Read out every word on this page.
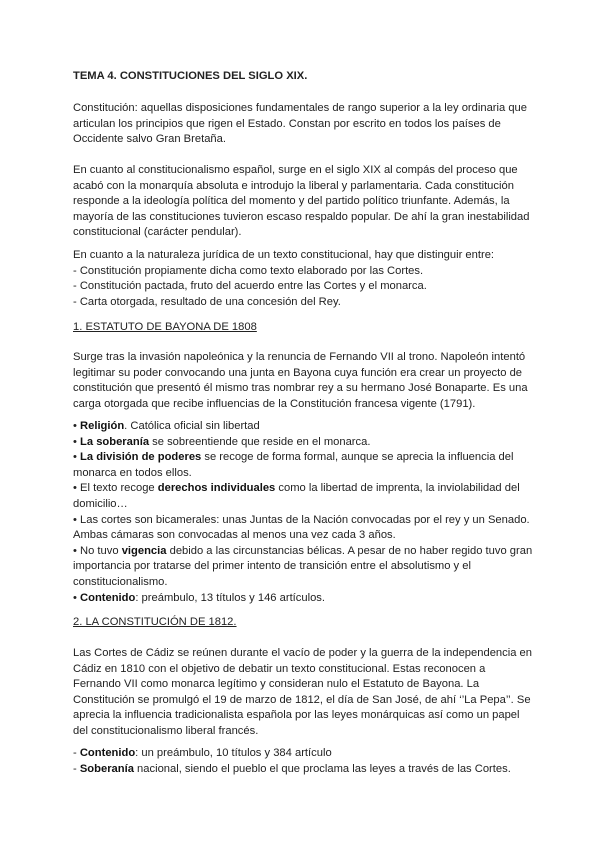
TEMA 4. CONSTITUCIONES DEL SIGLO XIX.

Constitución: aquellas disposiciones fundamentales de rango superior a la ley ordinaria que articulan los principios que rigen el Estado. Constan por escrito en todos los países de Occidente salvo Gran Bretaña.

En cuanto al constitucionalismo español, surge en el siglo XIX al compás del proceso que acabó con la monarquía absoluta e introdujo la liberal y parlamentaria. Cada constitución responde a la ideología política del momento y del partido político triunfante. Además, la mayoría de las constituciones tuvieron escaso respaldo popular. De ahí la gran inestabilidad constitucional (carácter pendular).

En cuanto a la naturaleza jurídica de un texto constitucional, hay que distinguir entre:

- Constitución propiamente dicha como texto elaborado por las Cortes.

- Constitución pactada, fruto del acuerdo entre las Cortes y el monarca.

- Carta otorgada, resultado de una concesión del Rey.

1. ESTATUTO DE BAYONA DE 1808

Surge tras la invasión napoleónica y la renuncia de Fernando VII al trono. Napoleón intentó legitimar su poder convocando una junta en Bayona cuya función era crear un proyecto de constitución que presentó él mismo tras nombrar rey a su hermano José Bonaparte. Es una carga otorgada que recibe influencias de la Constitución francesa vigente (1791).

• Religión. Católica oficial sin libertad

• La soberanía se sobreentiende que reside en el monarca.

• La división de poderes se recoge de forma formal, aunque se aprecia la influencia del monarca en todos ellos.

• El texto recoge derechos individuales como la libertad de imprenta, la inviolabilidad del domicilio…

• Las cortes son bicamerales: unas Juntas de la Nación convocadas por el rey y un Senado. Ambas cámaras son convocadas al menos una vez cada 3 años.

• No tuvo vigencia debido a las circunstancias bélicas. A pesar de no haber regido tuvo gran importancia por tratarse del primer intento de transición entre el absolutismo y el constitucionalismo.

• Contenido: preámbulo, 13 títulos y 146 artículos.

2. LA CONSTITUCIÓN DE 1812.

Las Cortes de Cádiz se reúnen durante el vacío de poder y la guerra de la independencia en Cádiz en 1810 con el objetivo de debatir un texto constitucional. Estas reconocen a Fernando VII como monarca legítimo y consideran nulo el Estatuto de Bayona. La Constitución se promulgó el 19 de marzo de 1812, el día de San José, de ahí ‘’La Pepa’’. Se aprecia la influencia tradicionalista española por las leyes monárquicas así como un papel del constitucionalismo liberal francés.

- Contenido: un preámbulo, 10 títulos y 384 artículo

- Soberanía nacional, siendo el pueblo el que proclama las leyes a través de las Cortes.
